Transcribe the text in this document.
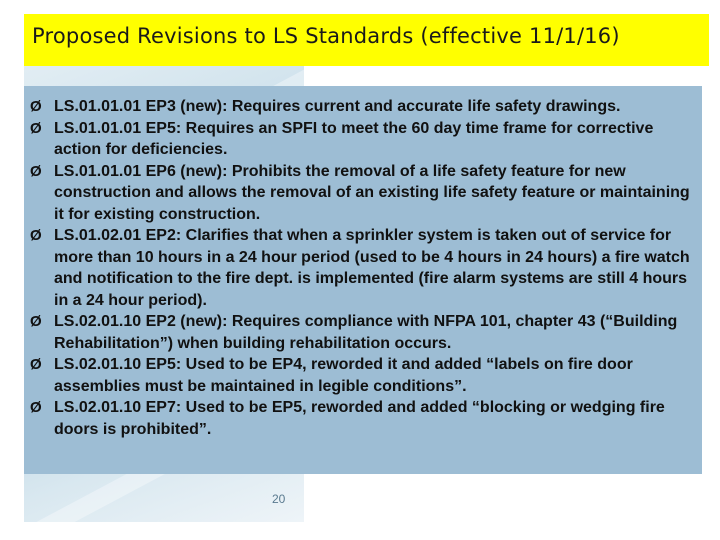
Proposed Revisions to LS Standards (effective 11/1/16)
Ø LS.01.01.01 EP3 (new): Requires current and accurate life safety drawings.
Ø LS.01.01.01 EP5: Requires an SPFI to meet the 60 day time frame for corrective action for deficiencies.
Ø LS.01.01.01 EP6 (new): Prohibits the removal of a life safety feature for new construction and allows the removal of an existing life safety feature or maintaining it for existing construction.
Ø LS.01.02.01 EP2: Clarifies that when a sprinkler system is taken out of service for more than 10 hours in a 24 hour period (used to be 4 hours in 24 hours) a fire watch and notification to the fire dept. is implemented (fire alarm systems are still 4 hours in a 24 hour period).
Ø LS.02.01.10 EP2 (new): Requires compliance with NFPA 101, chapter 43 (“Building Rehabilitation”) when building rehabilitation occurs.
Ø LS.02.01.10 EP5: Used to be EP4, reworded it and added “labels on fire door assemblies must be maintained in legible conditions”.
Ø LS.02.01.10 EP7: Used to be EP5, reworded and added “blocking or wedging fire doors is prohibited”.
20
